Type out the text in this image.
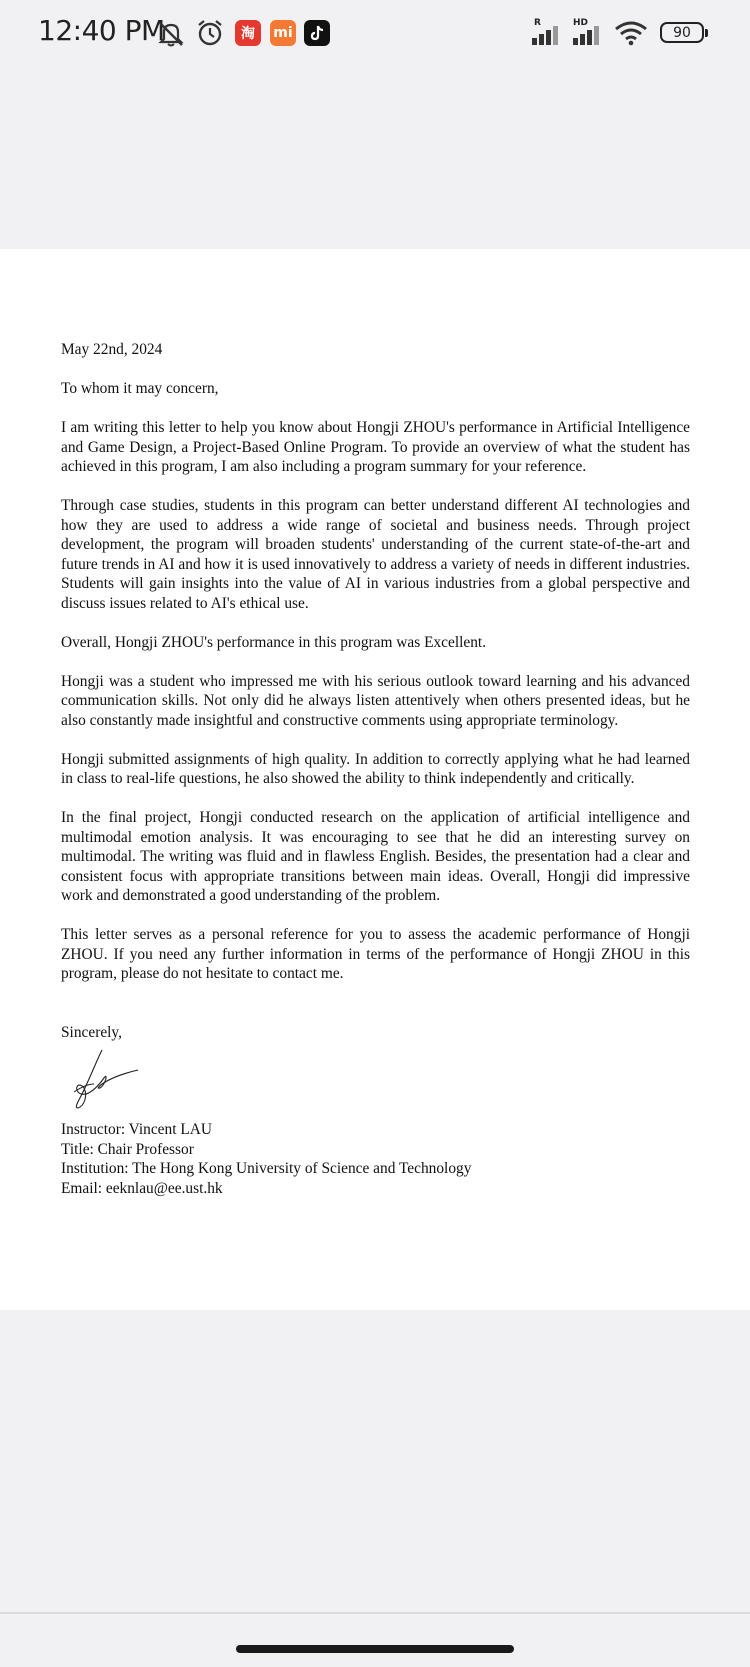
12:40 PM	淘	mi
R	HD
90

May 22nd, 2024

To whom it may concern,

I am writing this letter to help you know about Hongji ZHOU's performance in Artificial Intelligence and Game Design, a Project-Based Online Program. To provide an overview of what the student has achieved in this program, I am also including a program summary for your reference.

Through case studies, students in this program can better understand different AI technologies and how they are used to address a wide range of societal and business needs. Through project development, the program will broaden students' understanding of the current state-of-the-art and future trends in AI and how it is used innovatively to address a variety of needs in different industries. Students will gain insights into the value of AI in various industries from a global perspective and discuss issues related to AI's ethical use.

Overall, Hongji ZHOU's performance in this program was Excellent.

Hongji was a student who impressed me with his serious outlook toward learning and his advanced communication skills. Not only did he always listen attentively when others presented ideas, but he also constantly made insightful and constructive comments using appropriate terminology.

Hongji submitted assignments of high quality. In addition to correctly applying what he had learned in class to real-life questions, he also showed the ability to think independently and critically.

In the final project, Hongji conducted research on the application of artificial intelligence and multimodal emotion analysis. It was encouraging to see that he did an interesting survey on multimodal. The writing was fluid and in flawless English. Besides, the presentation had a clear and consistent focus with appropriate transitions between main ideas. Overall, Hongji did impressive work and demonstrated a good understanding of the problem.

This letter serves as a personal reference for you to assess the academic performance of Hongji ZHOU. If you need any further information in terms of the performance of Hongji ZHOU in this program, please do not hesitate to contact me.

Sincerely,

Instructor: Vincent LAU

Title: Chair Professor

Institution: The Hong Kong University of Science and Technology

Email: eeknlau@ee.ust.hk
